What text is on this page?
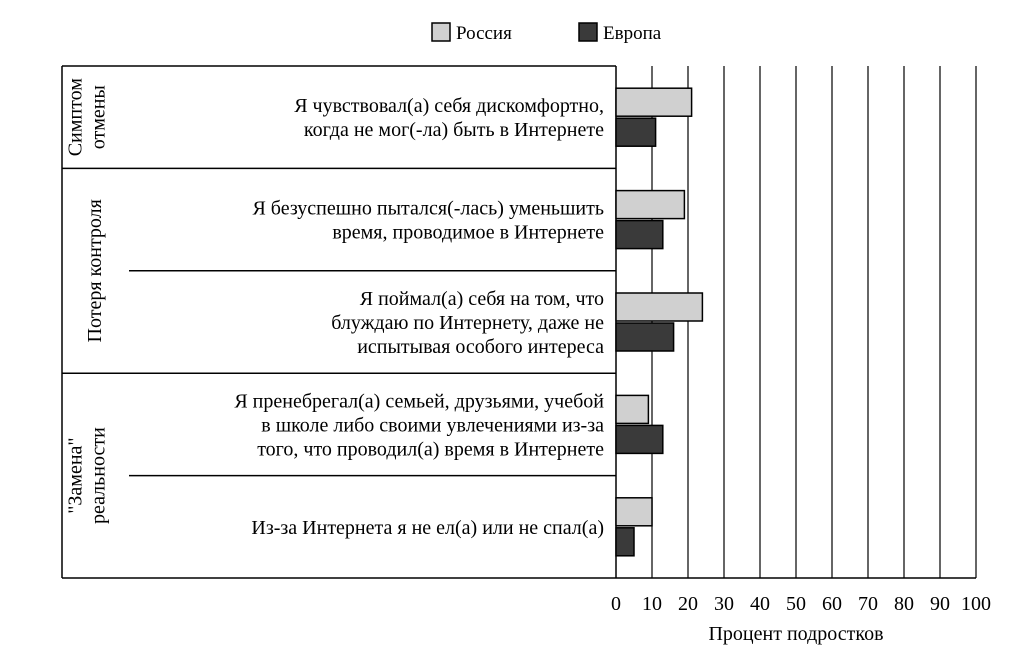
Россия	Европа
Симптомотмены
Потеря контроля
"Замена"реальности
Я чувствовал(а) себя дискомфортно, когда не мог(-ла) быть в Интернете
Я безуспешно пытался(-лась) уменьшить время, проводимое в Интернете
Я поймал(а) себя на том, что блуждаю по Интернету, даже не испытывая особого интереса
Я пренебрегал(а) семьей, друзьями, учебой в школе либо своими увлечениями из-за того, что проводил(а) время в Интернете
Из-за Интернета я не ел(а) или не спал(а)
0 10 20 30 40 50 60 70 80 90 100
Процент подростков
